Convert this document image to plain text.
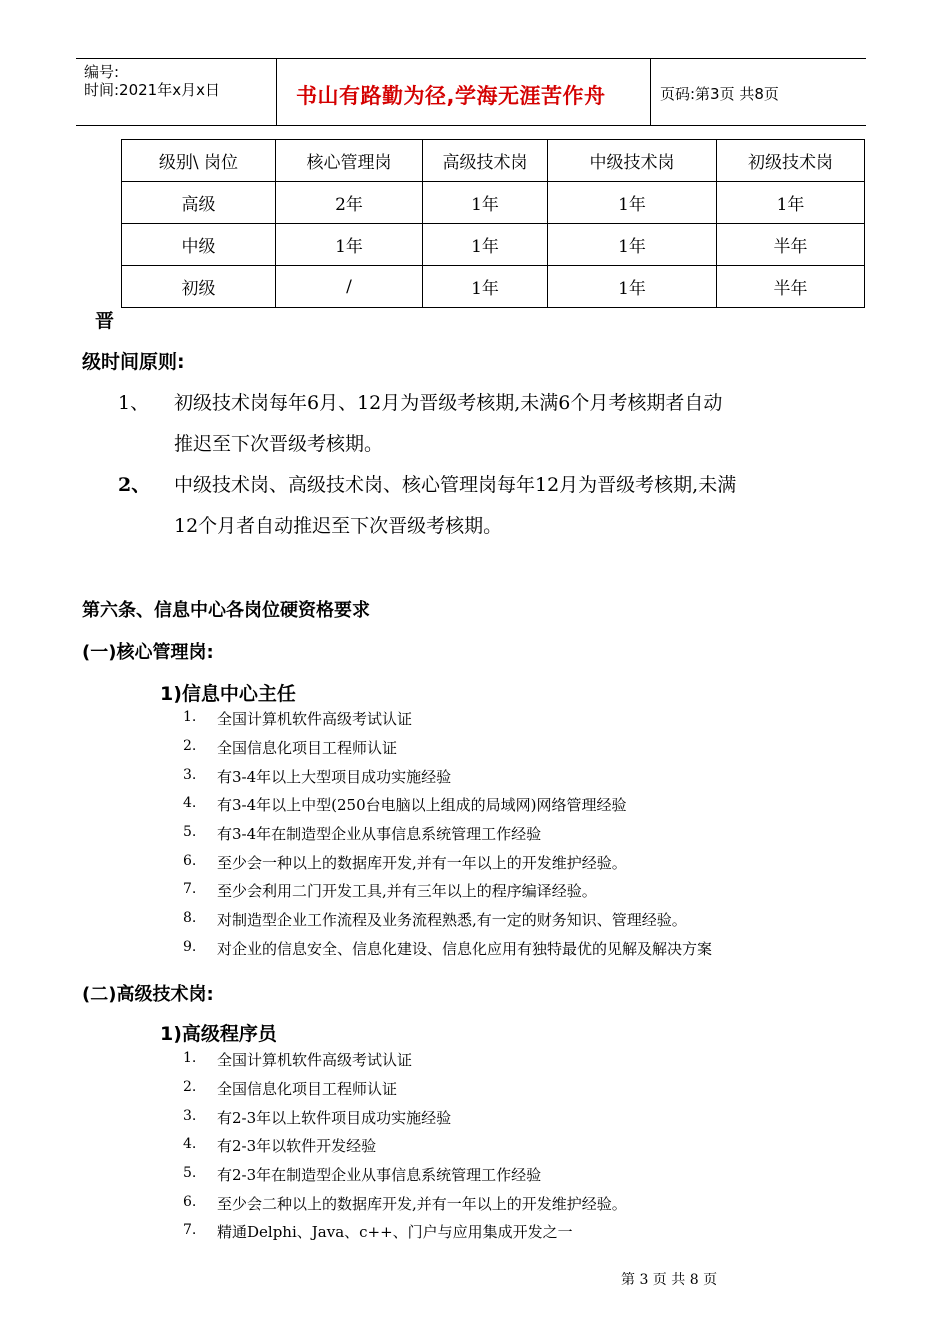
编号:
时间:2021年x月x日	书山有路勤为径,学海无涯苦作舟	页码:第3页 共8页
级别\ 岗位	核心管理岗	高级技术岗	中级技术岗	初级技术岗
高级	2年	1年	1年	1年
中级	1年	1年	1年	半年
初级	/	1年	1年	半年
晋
级时间原则:
1、 初级技术岗每年6月、12月为晋级考核期,未满6个月考核期者自动
推迟至下次晋级考核期。
2、 中级技术岗、高级技术岗、核心管理岗每年12月为晋级考核期,未满
12个月者自动推迟至下次晋级考核期。
第六条、信息中心各岗位硬资格要求
(一)核心管理岗:
1)信息中心主任
1. 全国计算机软件高级考试认证
2. 全国信息化项目工程师认证
3. 有3-4年以上大型项目成功实施经验
4. 有3-4年以上中型(250台电脑以上组成的局域网)网络管理经验
5. 有3-4年在制造型企业从事信息系统管理工作经验
6. 至少会一种以上的数据库开发,并有一年以上的开发维护经验。
7. 至少会利用二门开发工具,并有三年以上的程序编译经验。
8. 对制造型企业工作流程及业务流程熟悉,有一定的财务知识、管理经验。
9. 对企业的信息安全、信息化建设、信息化应用有独特最优的见解及解决方案
(二)高级技术岗:
1)高级程序员
1. 全国计算机软件高级考试认证
2. 全国信息化项目工程师认证
3. 有2-3年以上软件项目成功实施经验
4. 有2-3年以软件开发经验
5. 有2-3年在制造型企业从事信息系统管理工作经验
6. 至少会二种以上的数据库开发,并有一年以上的开发维护经验。
7. 精通Delphi、Java、c++、门户与应用集成开发之一
第 3 页 共 8 页
